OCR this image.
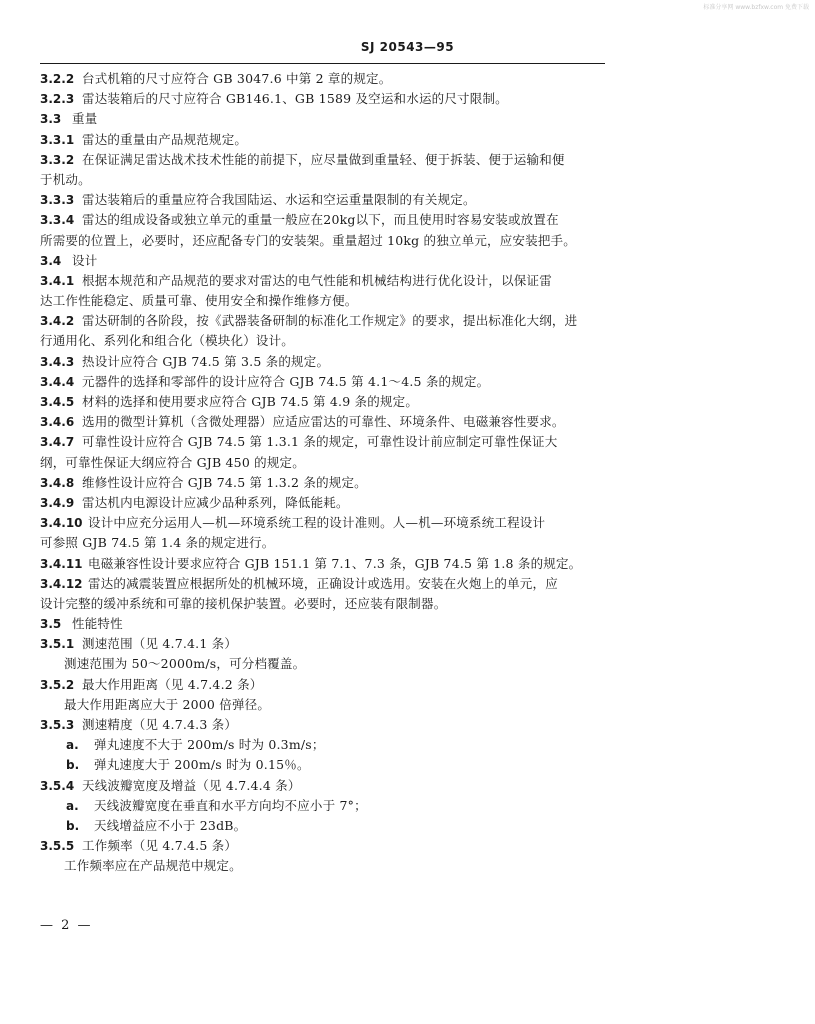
标准分享网 www.bzfxw.com 免费下载
SJ 20543—95
3.2.2 台式机箱的尺寸应符合 GB 3047.6 中第 2 章的规定。
3.2.3 雷达装箱后的尺寸应符合 GB146.1、GB 1589 及空运和水运的尺寸限制。
3.3 重量
3.3.1 雷达的重量由产品规范规定。
3.3.2 在保证满足雷达战术技术性能的前提下，应尽量做到重量轻、便于拆装、便于运输和便
于机动。
3.3.3 雷达装箱后的重量应符合我国陆运、水运和空运重量限制的有关规定。
3.3.4 雷达的组成设备或独立单元的重量一般应在20kg以下，而且使用时容易安装或放置在
所需要的位置上，必要时，还应配备专门的安装架。重量超过 10kg 的独立单元，应安装把手。
3.4 设计
3.4.1 根据本规范和产品规范的要求对雷达的电气性能和机械结构进行优化设计，以保证雷
达工作性能稳定、质量可靠、使用安全和操作维修方便。
3.4.2 雷达研制的各阶段，按《武器装备研制的标准化工作规定》的要求，提出标准化大纲，进
行通用化、系列化和组合化（模块化）设计。
3.4.3 热设计应符合 GJB 74.5 第 3.5 条的规定。
3.4.4 元器件的选择和零部件的设计应符合 GJB 74.5 第 4.1～4.5 条的规定。
3.4.5 材料的选择和使用要求应符合 GJB 74.5 第 4.9 条的规定。
3.4.6 选用的微型计算机（含微处理器）应适应雷达的可靠性、环境条件、电磁兼容性要求。
3.4.7 可靠性设计应符合 GJB 74.5 第 1.3.1 条的规定，可靠性设计前应制定可靠性保证大
纲，可靠性保证大纲应符合 GJB 450 的规定。
3.4.8 维修性设计应符合 GJB 74.5 第 1.3.2 条的规定。
3.4.9 雷达机内电源设计应减少品种系列，降低能耗。
3.4.10 设计中应充分运用人—机—环境系统工程的设计准则。人—机—环境系统工程设计
可参照 GJB 74.5 第 1.4 条的规定进行。
3.4.11 电磁兼容性设计要求应符合 GJB 151.1 第 7.1、7.3 条，GJB 74.5 第 1.8 条的规定。
3.4.12 雷达的减震装置应根据所处的机械环境，正确设计或选用。安装在火炮上的单元，应
设计完整的缓冲系统和可靠的接机保护装置。必要时，还应装有限制器。
3.5 性能特性
3.5.1 测速范围（见 4.7.4.1 条）
测速范围为 50～2000m/s，可分档覆盖。
3.5.2 最大作用距离（见 4.7.4.2 条）
最大作用距离应大于 2000 倍弹径。
3.5.3 测速精度（见 4.7.4.3 条）
a. 弹丸速度不大于 200m/s 时为 0.3m/s；
b. 弹丸速度大于 200m/s 时为 0.15％。
3.5.4 天线波瓣宽度及增益（见 4.7.4.4 条）
a. 天线波瓣宽度在垂直和水平方向均不应小于 7°；
b. 天线增益应不小于 23dB。
3.5.5 工作频率（见 4.7.4.5 条）
工作频率应在产品规范中规定。
— 2 —
